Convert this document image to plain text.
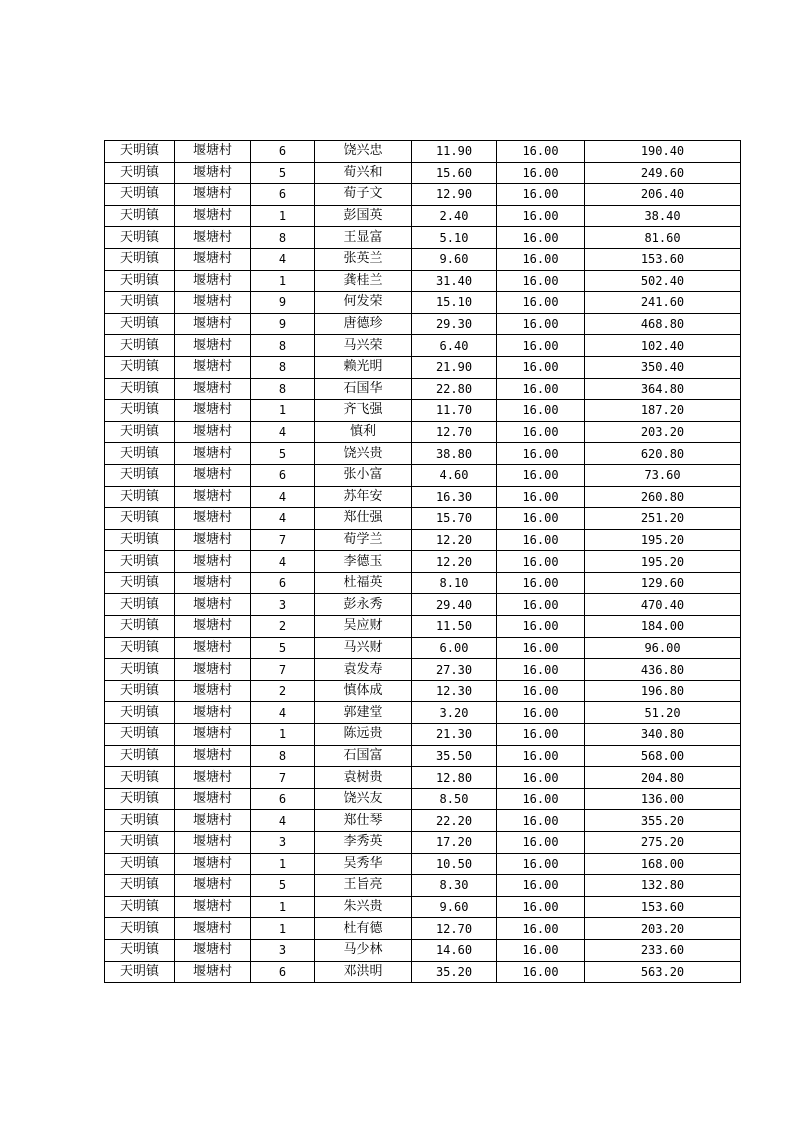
天明镇	堰塘村	6	饶兴忠	11.90	16.00	190.40
天明镇	堰塘村	5	荀兴和	15.60	16.00	249.60
天明镇	堰塘村	6	荀子文	12.90	16.00	206.40
天明镇	堰塘村	1	彭国英	2.40	16.00	38.40
天明镇	堰塘村	8	王显富	5.10	16.00	81.60
天明镇	堰塘村	4	张英兰	9.60	16.00	153.60
天明镇	堰塘村	1	龚桂兰	31.40	16.00	502.40
天明镇	堰塘村	9	何发荣	15.10	16.00	241.60
天明镇	堰塘村	9	唐德珍	29.30	16.00	468.80
天明镇	堰塘村	8	马兴荣	6.40	16.00	102.40
天明镇	堰塘村	8	赖光明	21.90	16.00	350.40
天明镇	堰塘村	8	石国华	22.80	16.00	364.80
天明镇	堰塘村	1	齐飞强	11.70	16.00	187.20
天明镇	堰塘村	4	慎利	12.70	16.00	203.20
天明镇	堰塘村	5	饶兴贵	38.80	16.00	620.80
天明镇	堰塘村	6	张小富	4.60	16.00	73.60
天明镇	堰塘村	4	苏年安	16.30	16.00	260.80
天明镇	堰塘村	4	郑仕强	15.70	16.00	251.20
天明镇	堰塘村	7	荀学兰	12.20	16.00	195.20
天明镇	堰塘村	4	李德玉	12.20	16.00	195.20
天明镇	堰塘村	6	杜福英	8.10	16.00	129.60
天明镇	堰塘村	3	彭永秀	29.40	16.00	470.40
天明镇	堰塘村	2	吴应财	11.50	16.00	184.00
天明镇	堰塘村	5	马兴财	6.00	16.00	96.00
天明镇	堰塘村	7	袁发寿	27.30	16.00	436.80
天明镇	堰塘村	2	慎体成	12.30	16.00	196.80
天明镇	堰塘村	4	郭建堂	3.20	16.00	51.20
天明镇	堰塘村	1	陈远贵	21.30	16.00	340.80
天明镇	堰塘村	8	石国富	35.50	16.00	568.00
天明镇	堰塘村	7	袁树贵	12.80	16.00	204.80
天明镇	堰塘村	6	饶兴友	8.50	16.00	136.00
天明镇	堰塘村	4	郑仕琴	22.20	16.00	355.20
天明镇	堰塘村	3	李秀英	17.20	16.00	275.20
天明镇	堰塘村	1	吴秀华	10.50	16.00	168.00
天明镇	堰塘村	5	王旨亮	8.30	16.00	132.80
天明镇	堰塘村	1	朱兴贵	9.60	16.00	153.60
天明镇	堰塘村	1	杜有德	12.70	16.00	203.20
天明镇	堰塘村	3	马少林	14.60	16.00	233.60
天明镇	堰塘村	6	邓洪明	35.20	16.00	563.20
